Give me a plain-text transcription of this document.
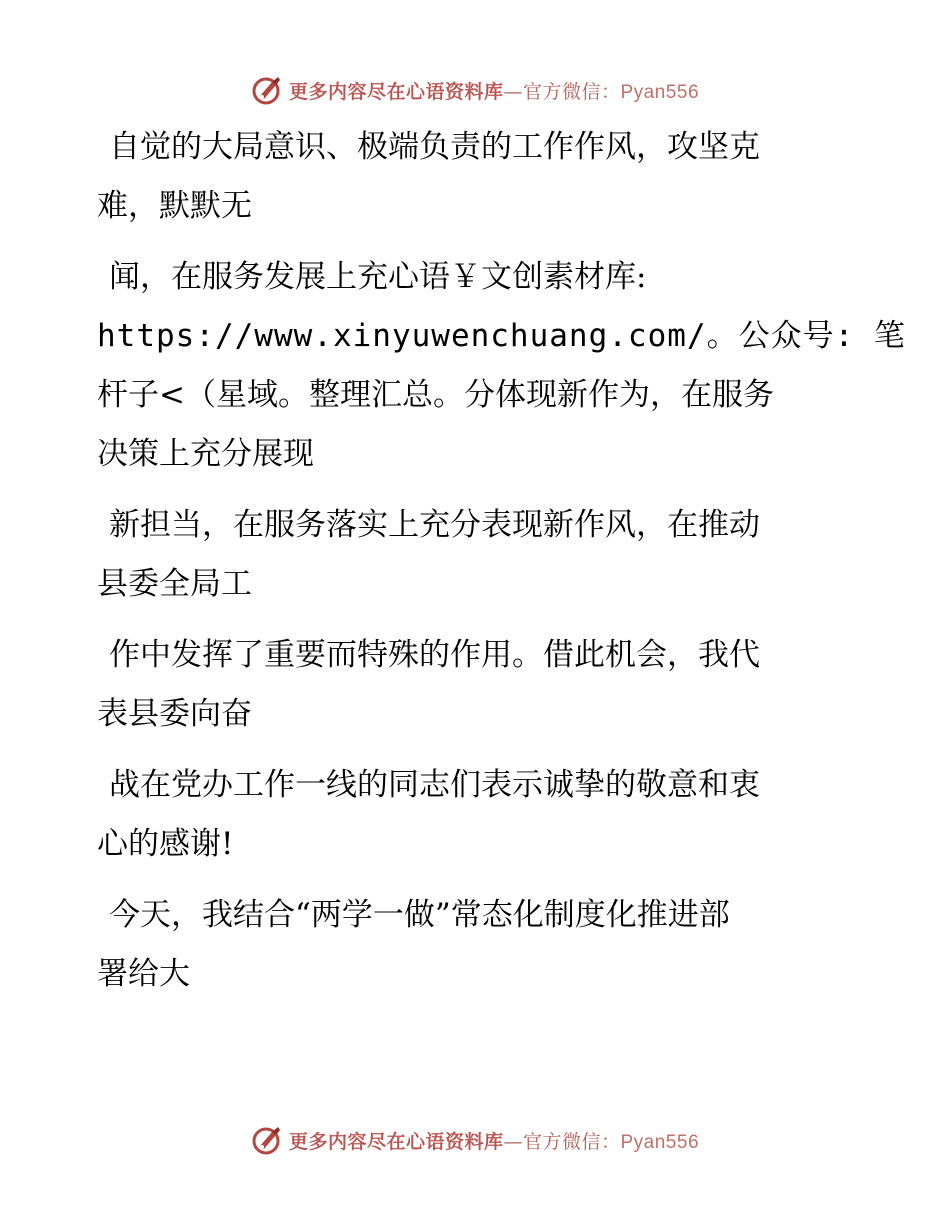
更多内容尽在心语资料库—官方微信：Pyan556

自觉的大局意识、极端负责的工作作风，攻坚克
难，默默无

闻，在服务发展上充心语￥文创素材库:
https://www.xinyuwenchuang.com/。公众号: 笔
杆子<（星域。整理汇总。分体现新作为，在服务
决策上充分展现

新担当，在服务落实上充分表现新作风，在推动
县委全局工

作中发挥了重要而特殊的作用。借此机会，我代
表县委向奋

战在党办工作一线的同志们表示诚挚的敬意和衷
心的感谢!

今天，我结合“两学一做”常态化制度化推进部
署给大

更多内容尽在心语资料库—官方微信：Pyan556
